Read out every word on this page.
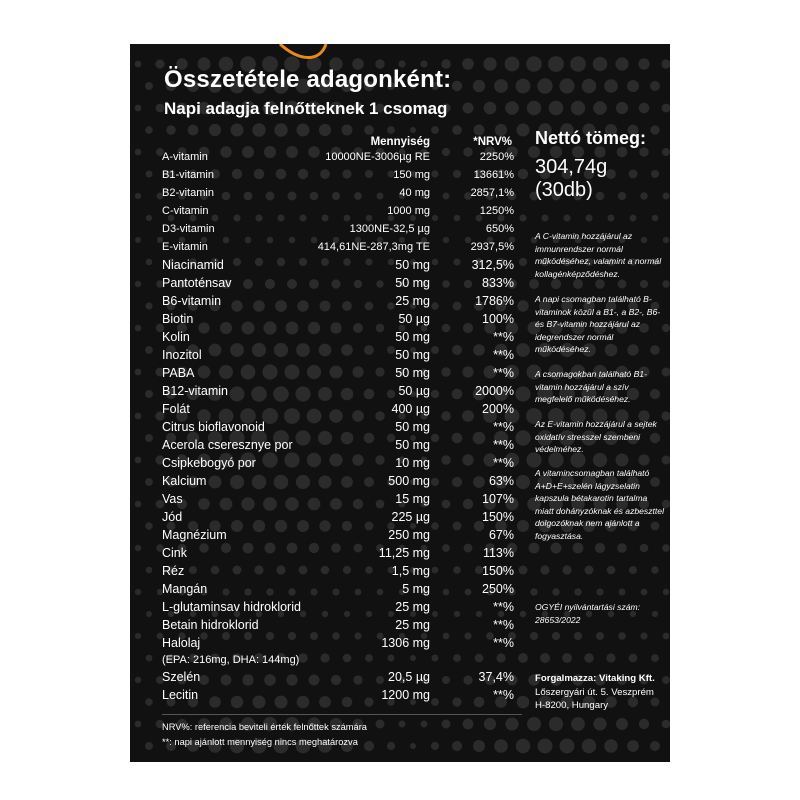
Összetétele adagonként:
Napi adagja felnőtteknek 1 csomag
Mennyiség	*NRV%
A-vitamin	10000NE-3006µg RE	2250%
B1-vitamin	150 mg	13661%
B2-vitamin	40 mg	2857,1%
C-vitamin	1000 mg	1250%
D3-vitamin	1300NE-32,5 µg	650%
E-vitamin	414,61NE-287,3mg TE	2937,5%
Niacinamid	50 mg	312,5%
Pantoténsav	50 mg	833%
B6-vitamin	25 mg	1786%
Biotin	50 µg	100%
Kolin	50 mg	**%
Inozitol	50 mg	**%
PABA	50 mg	**%
B12-vitamin	50 µg	2000%
Folát	400 µg	200%
Citrus bioflavonoid	50 mg	**%
Acerola cseresznye por	50 mg	**%
Csipkebogyó por	10 mg	**%
Kalcium	500 mg	63%
Vas	15 mg	107%
Jód	225 µg	150%
Magnézium	250 mg	67%
Cink	11,25 mg	113%
Réz	1,5 mg	150%
Mangán	5 mg	250%
L-glutaminsav hidroklorid	25 mg	**%
Betain hidroklorid	25 mg	**%
Halolaj	1306 mg	**%
(EPA: 216mg, DHA: 144mg)
Szelén	20,5 µg	37,4%
Lecitin	1200 mg	**%
Nettó tömeg:
304,74g (30db)
A C-vitamin hozzájárul az immunrendszer normál működéséhez, valamint a normál kollagénképződéshez.
A napi csomagban található B-vitaminok közül a B1-, a B2-, B6- és B7-vitamin hozzájárul az idegrendszer normál működéséhez.
A csomagokban található B1-vitamin hozzájárul a szív megfelelő működéséhez.
Az E-vitamin hozzájárul a sejtek oxidatív stresszel szembeni védelméhez.
A vitamincsomagban található A+D+E+szelén lágyzselatin kapszula bétakarotin tartalma miatt dohányzóknak és azbeszttel dolgozóknak nem ajánlott a fogyasztása.
OGYÉI nyilvántartási szám: 28653/2022
Forgalmazza: Vitaking Kft.
Lőszergyári út. 5. Veszprém
H-8200, Hungary
NRV%: referencia beviteli érték felnőttek számára
**: napi ajánlott mennyiség nincs meghatározva
